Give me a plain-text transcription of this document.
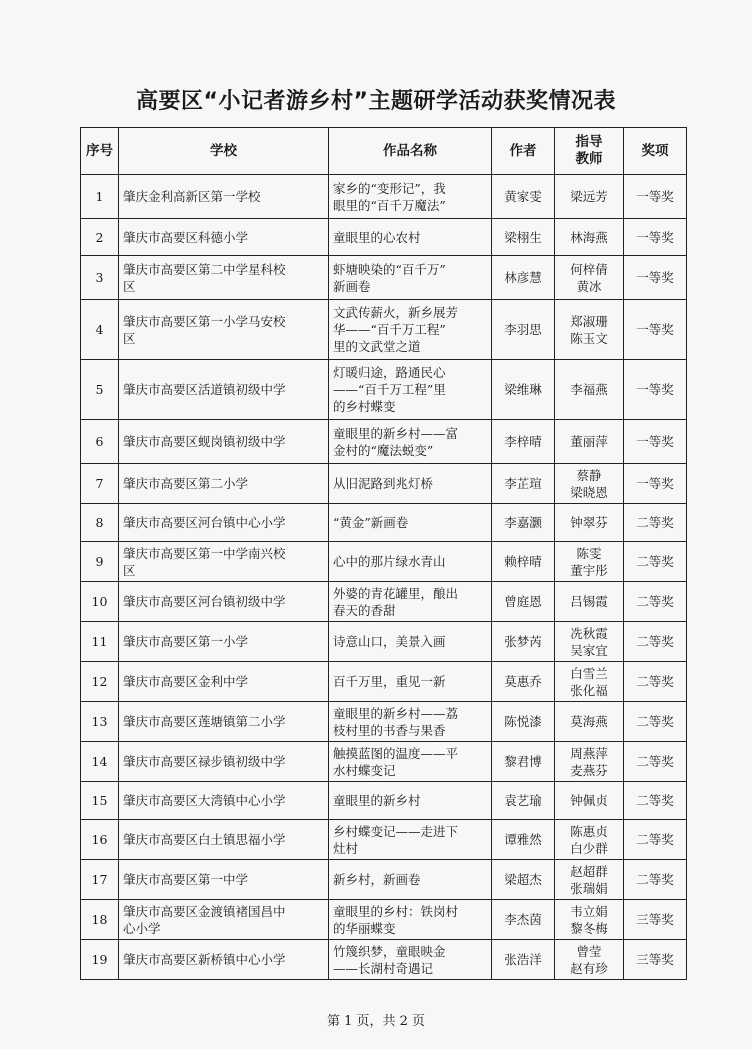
高要区“小记者游乡村”主题研学活动获奖情况表
序号	学校	作品名称	作者	指导
教师	奖项
1	肇庆金利高新区第一学校	家乡的“变形记”，我
眼里的“百千万魔法”	黄家雯	梁远芳	一等奖
2	肇庆市高要区科德小学	童眼里的心农村	梁栩生	林海燕	一等奖
3	肇庆市高要区第二中学星科校
区	虾塘映染的“百千万”
新画卷	林彦慧	何梓倩
黄冰	一等奖
4	肇庆市高要区第一小学马安校
区	文武传薪火，新乡展芳
华——“百千万工程”
里的文武堂之道	李羽思	郑淑珊
陈玉文	一等奖
5	肇庆市高要区活道镇初级中学	灯暖归途，路通民心
——“百千万工程”里
的乡村蝶变	梁维琳	李福燕	一等奖
6	肇庆市高要区蚬岗镇初级中学	童眼里的新乡村——富
金村的“魔法蜕变”	李梓晴	董丽萍	一等奖
7	肇庆市高要区第二小学	从旧泥路到兆灯桥	李芷瑄	蔡静
梁晓恩	一等奖
8	肇庆市高要区河台镇中心小学	“黄金”新画卷	李嘉灏	钟翠芬	二等奖
9	肇庆市高要区第一中学南兴校
区	心中的那片绿水青山	赖梓晴	陈雯
董宇彤	二等奖
10	肇庆市高要区河台镇初级中学	外婆的青花罐里，酿出
春天的香甜	曾庭恩	吕锡霞	二等奖
11	肇庆市高要区第一小学	诗意山口，美景入画	张梦芮	冼秋霞
吴家宜	二等奖
12	肇庆市高要区金利中学	百千万里，重见一新	莫惠乔	白雪兰
张化福	二等奖
13	肇庆市高要区莲塘镇第二小学	童眼里的新乡村——荔
枝村里的书香与果香	陈悦漆	莫海燕	二等奖
14	肇庆市高要区禄步镇初级中学	触摸蓝图的温度——平
水村蝶变记	黎君博	周燕萍
麦燕芬	二等奖
15	肇庆市高要区大湾镇中心小学	童眼里的新乡村	袁艺瑜	钟佩贞	二等奖
16	肇庆市高要区白土镇思福小学	乡村蝶变记——走进下
灶村	谭雅然	陈惠贞
白少群	二等奖
17	肇庆市高要区第一中学	新乡村，新画卷	梁超杰	赵超群
张瑞娟	二等奖
18	肇庆市高要区金渡镇褚国昌中
心小学	童眼里的乡村：铁岗村
的华丽蝶变	李杰茵	韦立娟
黎冬梅	三等奖
19	肇庆市高要区新桥镇中心小学	竹篾织梦，童眼映金
——长湖村奇遇记	张浩洋	曾莹
赵有珍	三等奖
第 1 页，共 2 页
